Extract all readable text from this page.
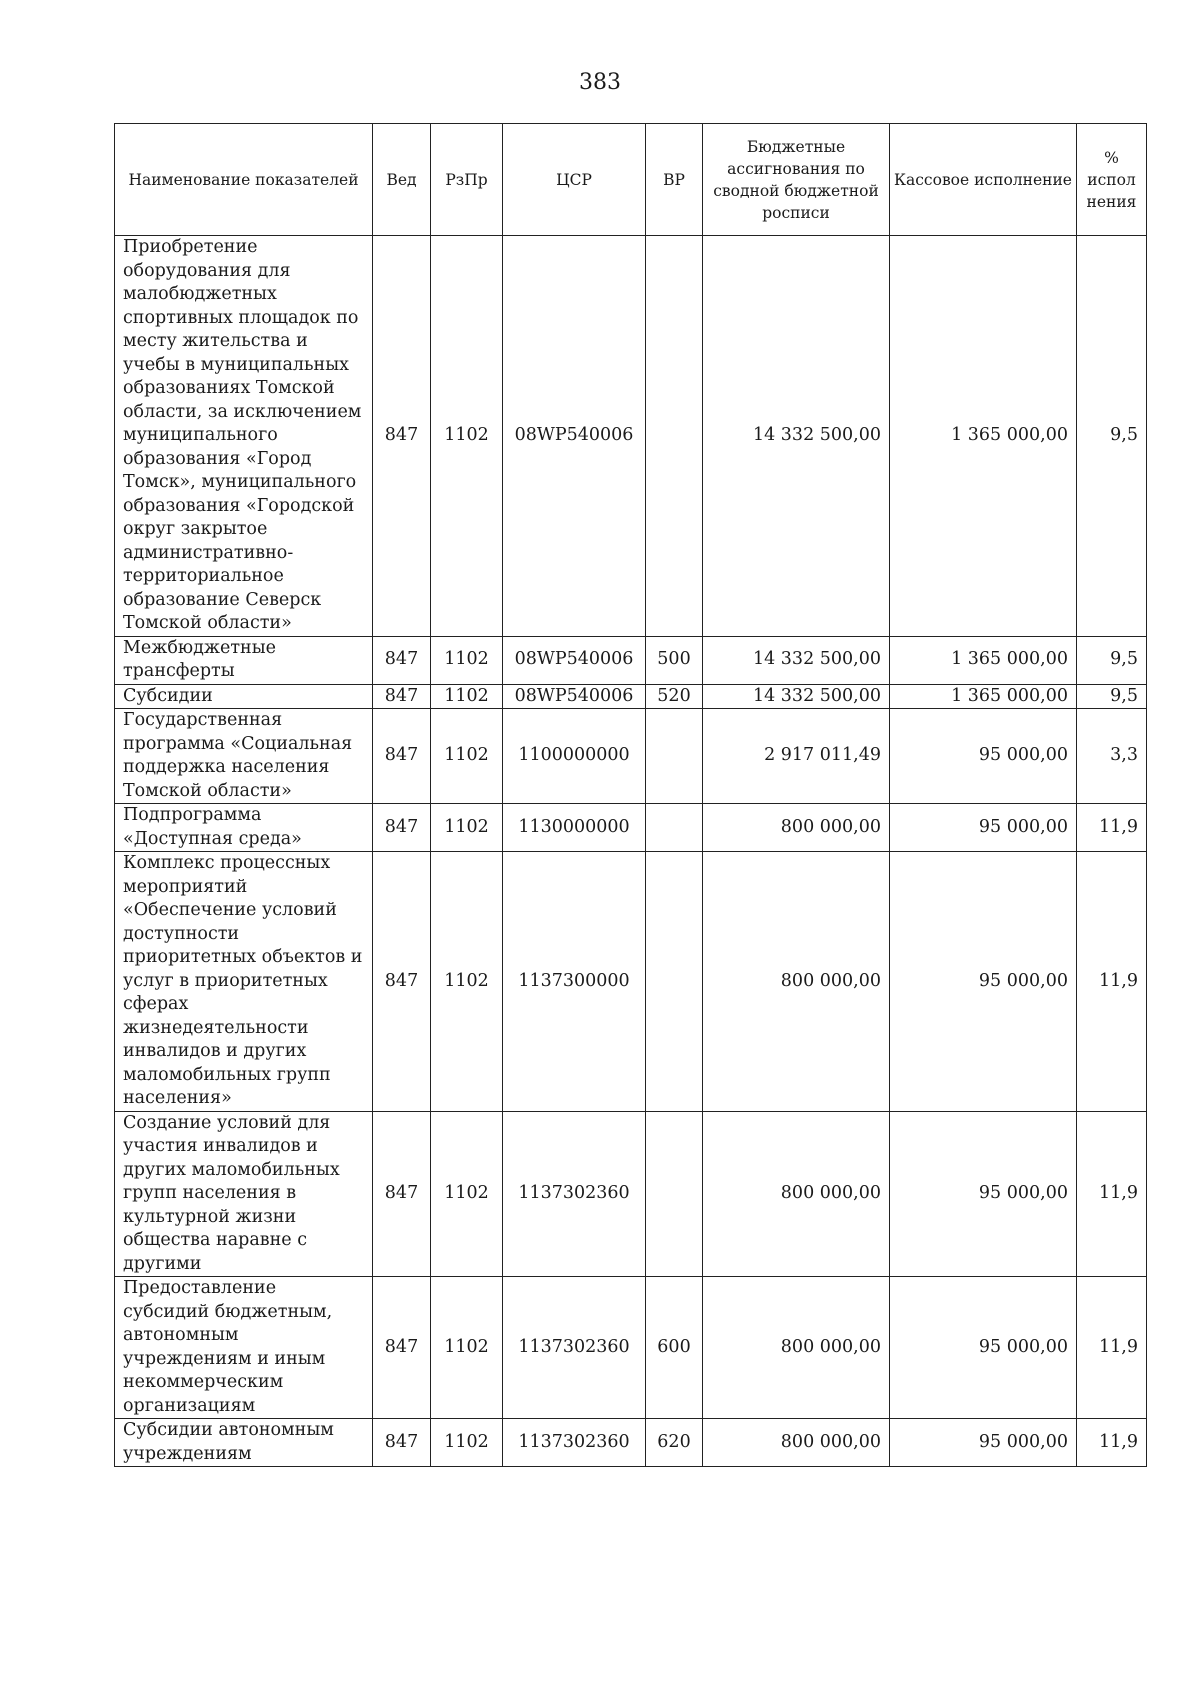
383
Наименование показателей	Вед	РзПр	ЦСР	ВР	Бюджетные ассигнования по сводной бюджетной росписи	Кассовое исполнение	% испол нения
Приобретение оборудования для малобюджетных спортивных площадок по месту жительства и учебы в муниципальных образованиях Томской области, за исключением муниципального образования «Город Томск», муниципального образования «Городской округ закрытое административно-территориальное образование Северск Томской области»	847	1102	08WP540006		14 332 500,00	1 365 000,00	9,5
Межбюджетные трансферты	847	1102	08WP540006	500	14 332 500,00	1 365 000,00	9,5
Субсидии	847	1102	08WP540006	520	14 332 500,00	1 365 000,00	9,5
Государственная программа «Социальная поддержка населения Томской области»	847	1102	1100000000		2 917 011,49	95 000,00	3,3
Подпрограмма «Доступная среда»	847	1102	1130000000		800 000,00	95 000,00	11,9
Комплекс процессных мероприятий «Обеспечение условий доступности приоритетных объектов и услуг в приоритетных сферах жизнедеятельности инвалидов и других маломобильных групп населения»	847	1102	1137300000		800 000,00	95 000,00	11,9
Создание условий для участия инвалидов и других маломобильных групп населения в культурной жизни общества наравне с другими	847	1102	1137302360		800 000,00	95 000,00	11,9
Предоставление субсидий бюджетным, автономным учреждениям и иным некоммерческим организациям	847	1102	1137302360	600	800 000,00	95 000,00	11,9
Субсидии автономным учреждениям	847	1102	1137302360	620	800 000,00	95 000,00	11,9
